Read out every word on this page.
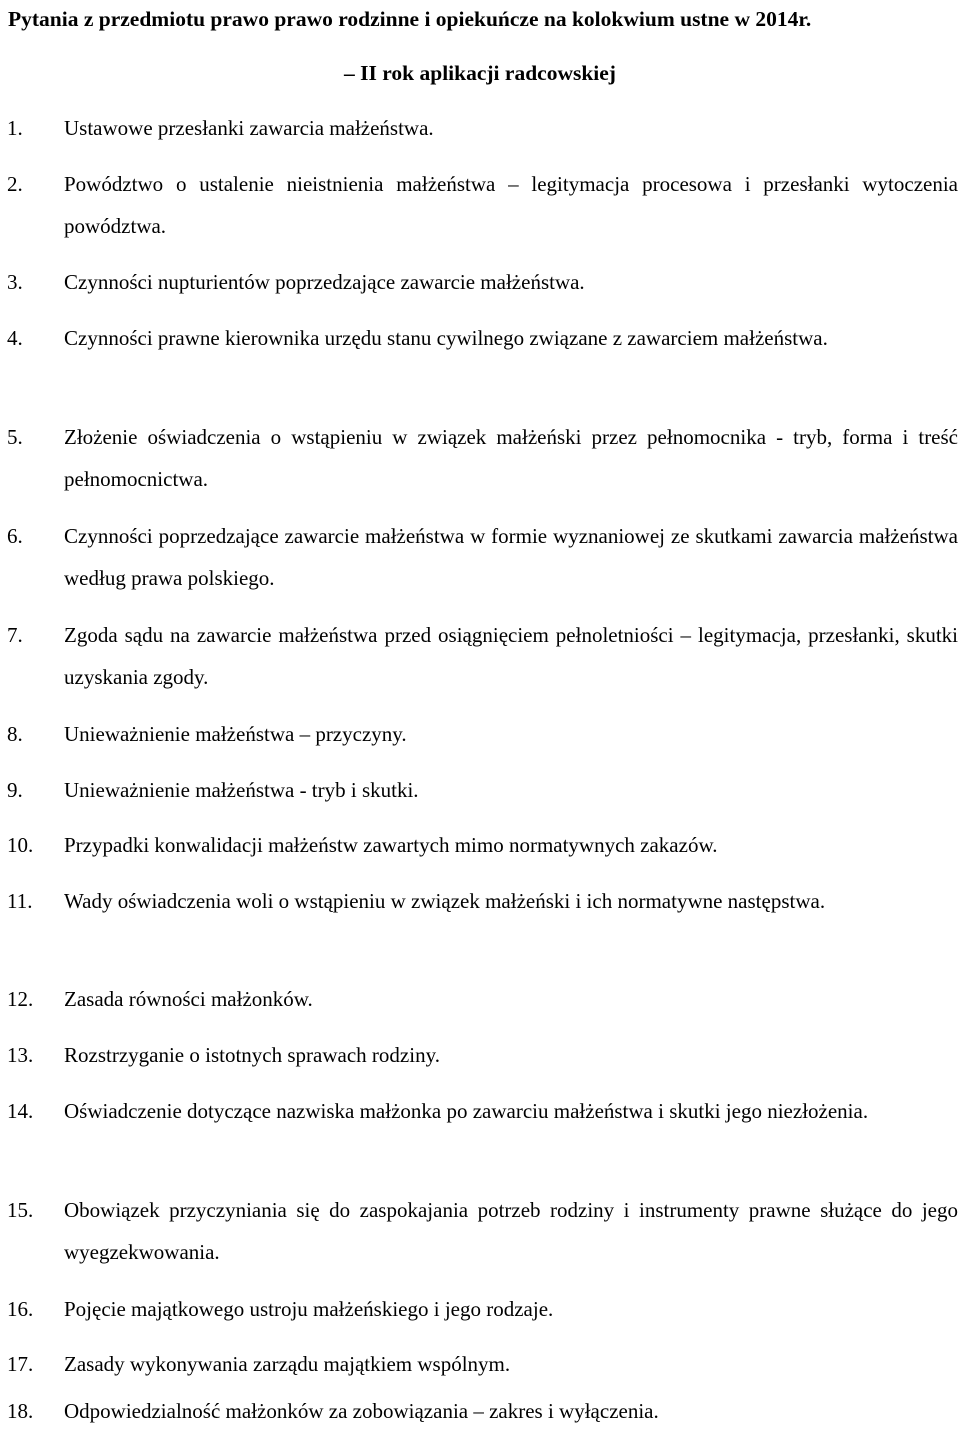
Pytania z przedmiotu prawo prawo rodzinne i opiekuńcze na kolokwium ustne w 2014r.
– II rok aplikacji radcowskiej
1. Ustawowe przesłanki zawarcia małżeństwa.
2. Powództwo o ustalenie nieistnienia małżeństwa – legitymacja procesowa i przesłanki wytoczenia powództwa.
3. Czynności nupturientów poprzedzające zawarcie małżeństwa.
4. Czynności prawne kierownika urzędu stanu cywilnego związane z zawarciem małżeństwa.
5. Złożenie oświadczenia o wstąpieniu w związek małżeński przez pełnomocnika - tryb, forma i treść pełnomocnictwa.
6. Czynności poprzedzające zawarcie małżeństwa w formie wyznaniowej ze skutkami zawarcia małżeństwa według prawa polskiego.
7. Zgoda sądu na zawarcie małżeństwa przed osiągnięciem pełnoletniości – legitymacja, przesłanki, skutki uzyskania zgody.
8. Unieważnienie małżeństwa – przyczyny.
9. Unieważnienie małżeństwa - tryb i skutki.
10. Przypadki konwalidacji małżeństw zawartych mimo normatywnych zakazów.
11. Wady oświadczenia woli o wstąpieniu w związek małżeński i ich normatywne następstwa.
12. Zasada równości małżonków.
13. Rozstrzyganie o istotnych sprawach rodziny.
14. Oświadczenie dotyczące nazwiska małżonka po zawarciu małżeństwa i skutki jego niezłożenia.
15. Obowiązek przyczyniania się do zaspokajania potrzeb rodziny i instrumenty prawne służące do jego wyegzekwowania.
16. Pojęcie majątkowego ustroju małżeńskiego i jego rodzaje.
17. Zasady wykonywania zarządu majątkiem wspólnym.
18. Odpowiedzialność małżonków za zobowiązania – zakres i wyłączenia.
